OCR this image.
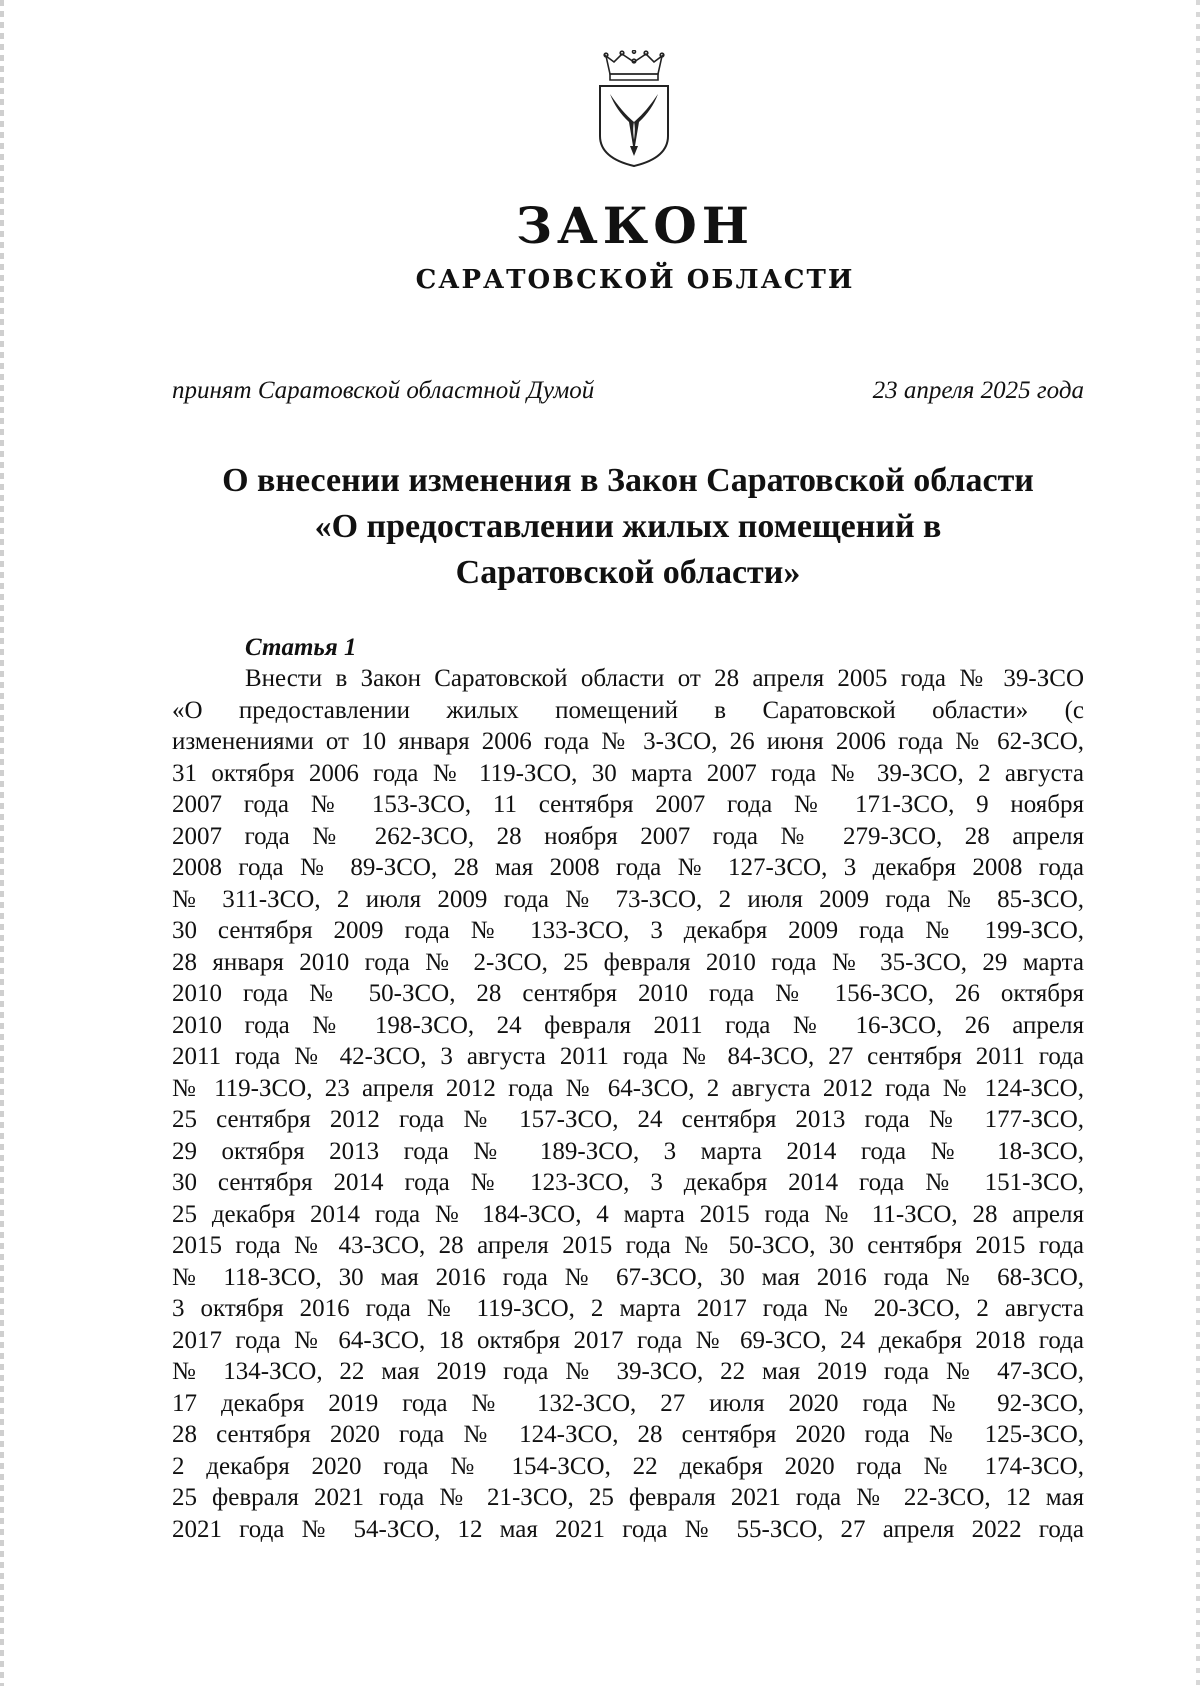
ЗАКОН
САРАТОВСКОЙ ОБЛАСТИ
принят Саратовской областной Думой	23 апреля 2025 года
О внесении изменения в Закон Саратовской области
«О предоставлении жилых помещений в
Саратовской области»
Статья 1
Внести в Закон Саратовской области от 28 апреля 2005 года № 39-ЗСО
«О предоставлении жилых помещений в Саратовской области» (с
изменениями от 10 января 2006 года № 3-ЗСО, 26 июня 2006 года № 62-ЗСО,
31 октября 2006 года № 119-ЗСО, 30 марта 2007 года № 39-ЗСО, 2 августа
2007 года № 153-ЗСО, 11 сентября 2007 года № 171-ЗСО, 9 ноября
2007 года № 262-ЗСО, 28 ноября 2007 года № 279-ЗСО, 28 апреля
2008 года № 89-ЗСО, 28 мая 2008 года № 127-ЗСО, 3 декабря 2008 года
№ 311-ЗСО, 2 июля 2009 года № 73-ЗСО, 2 июля 2009 года № 85-ЗСО,
30 сентября 2009 года № 133-ЗСО, 3 декабря 2009 года № 199-ЗСО,
28 января 2010 года № 2-ЗСО, 25 февраля 2010 года № 35-ЗСО, 29 марта
2010 года № 50-ЗСО, 28 сентября 2010 года № 156-ЗСО, 26 октября
2010 года № 198-ЗСО, 24 февраля 2011 года № 16-ЗСО, 26 апреля
2011 года № 42-ЗСО, 3 августа 2011 года № 84-ЗСО, 27 сентября 2011 года
№ 119-ЗСО, 23 апреля 2012 года № 64-ЗСО, 2 августа 2012 года № 124-ЗСО,
25 сентября 2012 года № 157-ЗСО, 24 сентября 2013 года № 177-ЗСО,
29 октября 2013 года № 189-ЗСО, 3 марта 2014 года № 18-ЗСО,
30 сентября 2014 года № 123-ЗСО, 3 декабря 2014 года № 151-ЗСО,
25 декабря 2014 года № 184-ЗСО, 4 марта 2015 года № 11-ЗСО, 28 апреля
2015 года № 43-ЗСО, 28 апреля 2015 года № 50-ЗСО, 30 сентября 2015 года
№ 118-ЗСО, 30 мая 2016 года № 67-ЗСО, 30 мая 2016 года № 68-ЗСО,
3 октября 2016 года № 119-ЗСО, 2 марта 2017 года № 20-ЗСО, 2 августа
2017 года № 64-ЗСО, 18 октября 2017 года № 69-ЗСО, 24 декабря 2018 года
№ 134-ЗСО, 22 мая 2019 года № 39-ЗСО, 22 мая 2019 года № 47-ЗСО,
17 декабря 2019 года № 132-ЗСО, 27 июля 2020 года № 92-ЗСО,
28 сентября 2020 года № 124-ЗСО, 28 сентября 2020 года № 125-ЗСО,
2 декабря 2020 года № 154-ЗСО, 22 декабря 2020 года № 174-ЗСО,
25 февраля 2021 года № 21-ЗСО, 25 февраля 2021 года № 22-ЗСО, 12 мая
2021 года № 54-ЗСО, 12 мая 2021 года № 55-ЗСО, 27 апреля 2022 года
